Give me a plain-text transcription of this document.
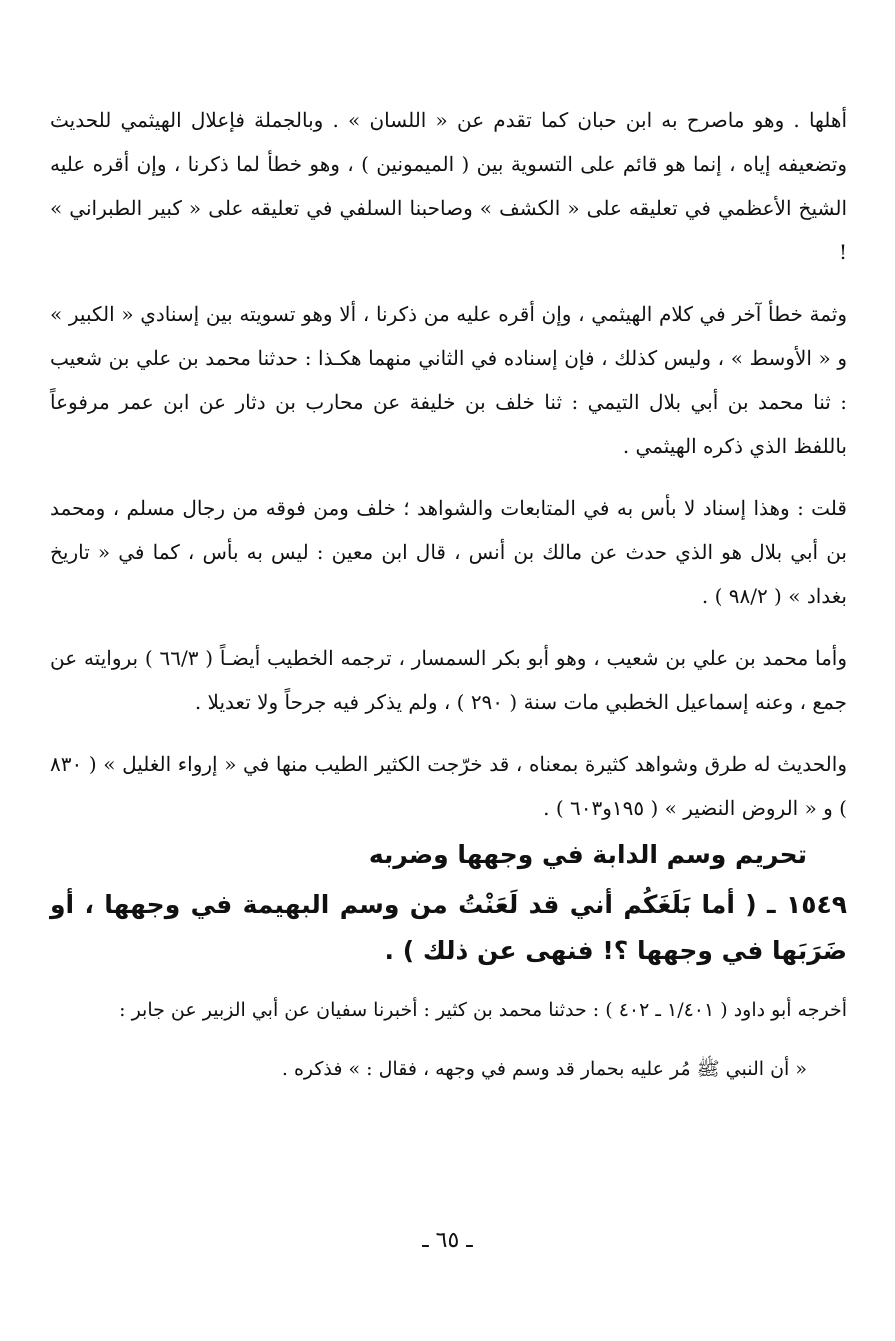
أهلها . وهو ماصرح به ابن حبان كما تقدم عن « اللسان » . وبالجملة فإعلال الهيثمي للحديث وتضعيفه إياه ، إنما هو قائم على التسوية بين ( الميمونين ) ، وهو خطأ لما ذكرنا ، وإن أقره عليه الشيخ الأعظمي في تعليقه على « الكشف » وصاحبنا السلفي في تعليقه على « كبير الطبراني » !

وثمة خطأ آخر في كلام الهيثمي ، وإن أقره عليه من ذكرنا ، ألا وهو تسويته بين إسنادي « الكبير » و « الأوسط » ، وليس كذلك ، فإن إسناده في الثاني منهما هكـذا : حدثنا محمد بن علي بن شعيب : ثنا محمد بن أبي بلال التيمي : ثنا خلف بن خليفة عن محارب بن دثار عن ابن عمر مرفوعاً باللفظ الذي ذكره الهيثمي .

قلت : وهذا إسناد لا بأس به في المتابعات والشواهد ؛ خلف ومن فوقه من رجال مسلم ، ومحمد بن أبي بلال هو الذي حدث عن مالك بن أنس ، قال ابن معين : ليس به بأس ، كما في « تاريخ بغداد » ( ٩٨/٢ ) .

وأما محمد بن علي بن شعيب ، وهو أبو بكر السمسار ، ترجمه الخطيب أيضـاً ( ٦٦/٣ ) بروايته عن جمع ، وعنه إسماعيل الخطبي مات سنة ( ٢٩٠ ) ، ولم يذكر فيه جرحاً ولا تعديلا .

والحديث له طرق وشواهد كثيرة بمعناه ، قد خرّجت الكثير الطيب منها في « إرواء الغليل » ( ٨٣٠ ) و « الروض النضير » ( ١٩٥و٦٠٣ ) .

تحريم وسم الدابة في وجهها وضربه

١٥٤٩ ـ ( أما بَلَغَكُم أني قد لَعَنْتُ من وسم البهيمة في وجهها ، أو ضَرَبَها في وجهها ؟! فنهى عن ذلك ) .

أخرجه أبو داود ( ١/٤٠١ ـ ٤٠٢ ) : حدثنا محمد بن كثير : أخبرنا سفيان عن أبي الزبير عن جابر :

« أن النبي ﷺ مُر عليه بحمار قد وسم في وجهه ، فقال : » فذكره .

ـ ٦٥ ـ
